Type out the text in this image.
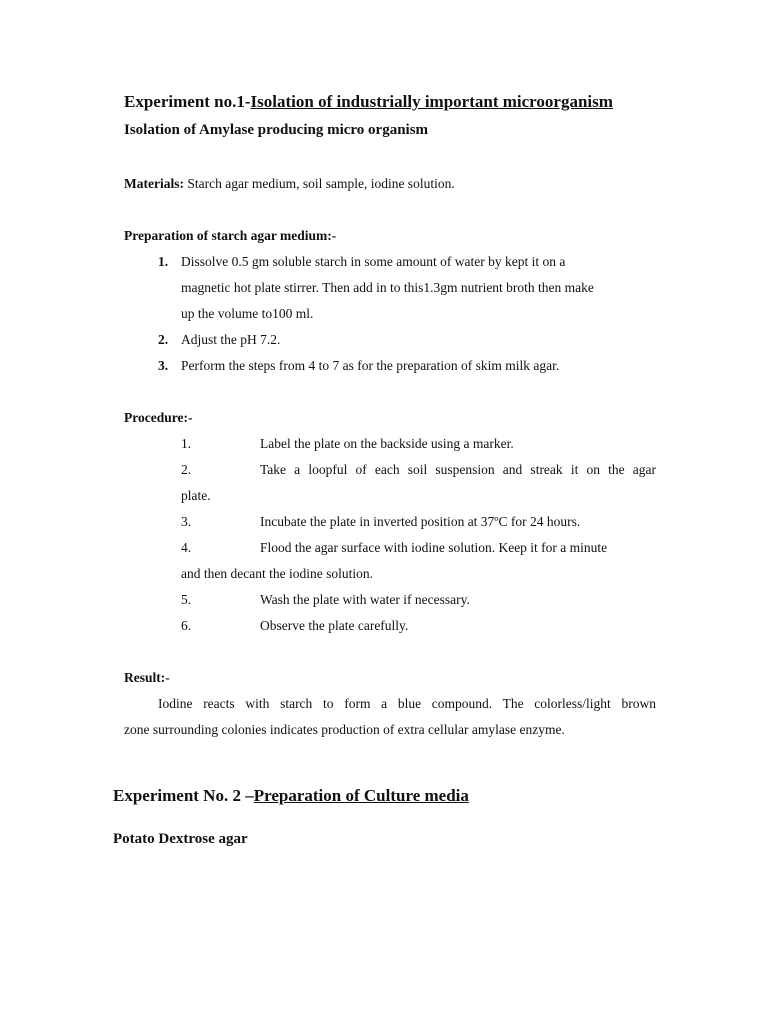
Experiment no.1-Isolation of industrially important microorganism
Isolation of Amylase producing micro organism
Materials: Starch agar medium, soil sample, iodine solution.
Preparation of starch agar medium:-
1. Dissolve 0.5 gm soluble starch in some amount of water by kept it on a
magnetic hot plate stirrer. Then add in to this1.3gm nutrient broth then make
up the volume to100 ml.
2. Adjust the pH 7.2.
3. Perform the steps from 4 to 7 as for the preparation of skim milk agar.
Procedure:-
1.	Label the plate on the backside using a marker.
2.	Take a loopful of each soil suspension and streak it on the agar
plate.
3.	Incubate the plate in inverted position at 37ºC for 24 hours.
4.	Flood the agar surface with iodine solution. Keep it for a minute
and then decant the iodine solution.
5.	Wash the plate with water if necessary.
6.	Observe the plate carefully.
Result:-
Iodine reacts with starch to form a blue compound. The colorless/light brown
zone surrounding colonies indicates production of extra cellular amylase enzyme.
Experiment No. 2 –Preparation of Culture media
Potato Dextrose agar
